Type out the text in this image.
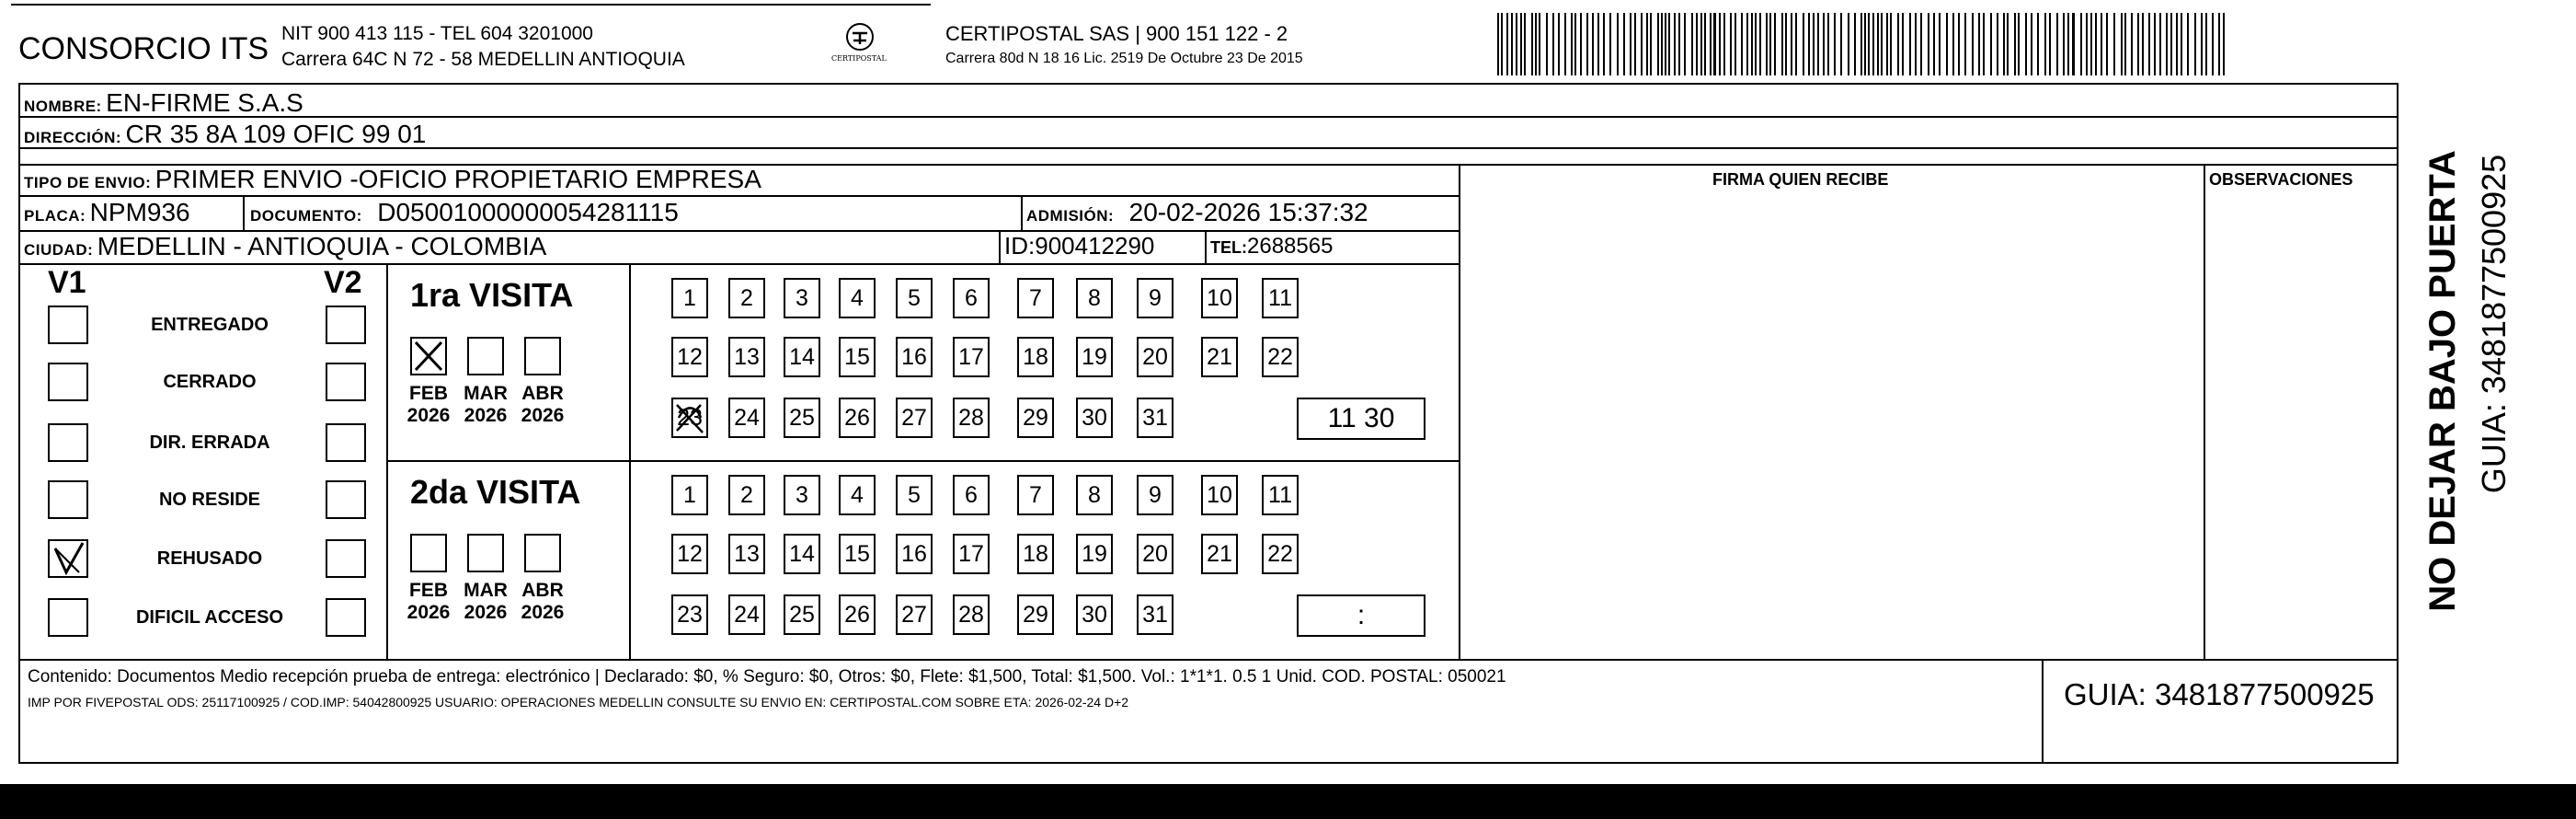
CONSORCIO ITS NIT 900 413 115 - TEL 604 3201000
Carrera 64C N 72 - 58 MEDELLIN ANTIOQUIA	CERTIPOSTAL
CERTIPOSTAL SAS | 900 151 122 - 2
Carrera 80d N 18 16 Lic. 2519 De Octubre 23 De 2015
NOMBRE: EN-FIRME S.A.S
DIRECCIÓN: CR 35 8A 109 OFIC 99 01
TIPO DE ENVIO: PRIMER ENVIO -OFICIO PROPIETARIO EMPRESA	FIRMA QUIEN RECIBE	OBSERVACIONES
PLACA: NPM936	DOCUMENTO: D05001000000054281115	ADMISIÓN: 20-02-2026 15:37:32
CIUDAD: MEDELLIN - ANTIOQUIA - COLOMBIA	ID:900412290	TEL:2688565
V1	V2
Contenido: Documentos Medio recepción prueba de entrega: electrónico | Declarado: $0, % Seguro: $0, Otros: $0, Flete: $1,500, Total: $1,500. Vol.: 1*1*1. 0.5 1 Unid. COD. POSTAL: 050021
IMP POR FIVEPOSTAL ODS: 25117100925 / COD.IMP: 54042800925 USUARIO: OPERACIONES MEDELLIN CONSULTE SU ENVIO EN: CERTIPOSTAL.COM SOBRE ETA: 2026-02-24 D+2	GUIA: 3481877500925
NO DEJAR BAJO PUERTA GUIA: 3481877500925
ENTREGADO
CERRADO
DIR. ERRADA
NO RESIDE
REHUSADO
DIFICIL ACCESO
1ra VISITA
FEB
2026
MAR
2026
ABR
2026
1 2 3 4 5 6 7 8 9 10 11
12 13 14 15 16 17 18 19 20 21 22
23 24 25 26 27 28 29 30 31	11 30
2da VISITA
FEB
2026
MAR
2026
ABR
2026
1 2 3 4 5 6 7 8 9 10 11
12 13 14 15 16 17 18 19 20 21 22
23 24 25 26 27 28 29 30 31	:
